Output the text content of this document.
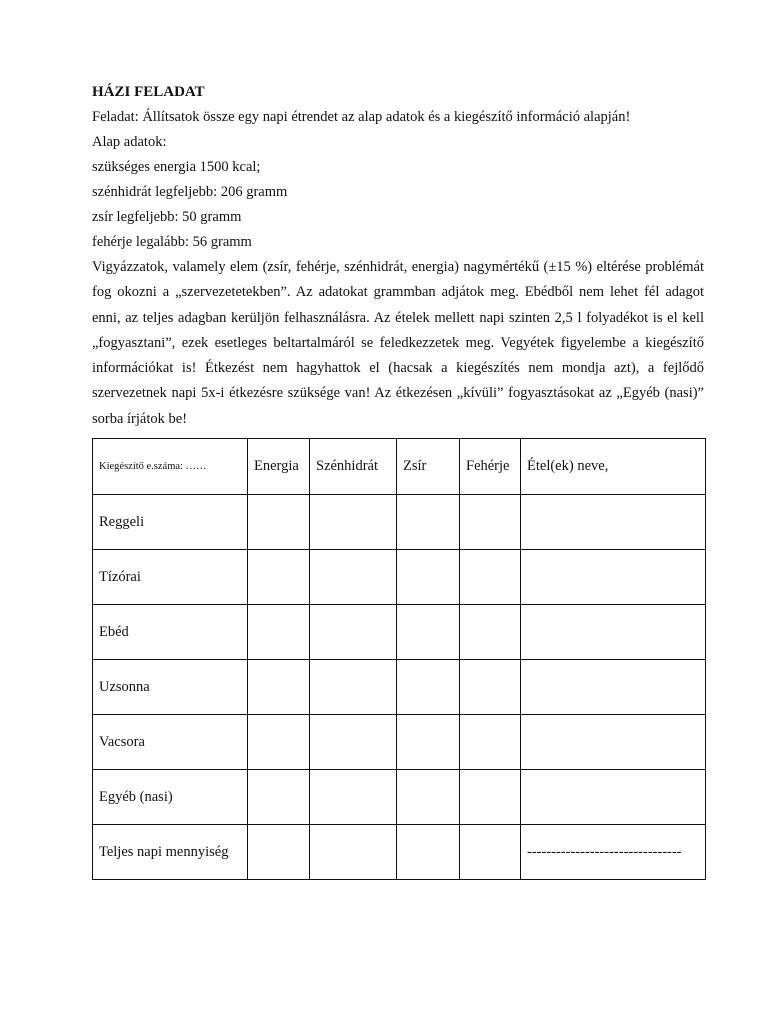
HÁZI FELADAT

Feladat: Állítsatok össze egy napi étrendet az alap adatok és a kiegészítő információ alapján!

Alap adatok:

szükséges energia 1500 kcal;

szénhidrát legfeljebb: 206 gramm

zsír legfeljebb: 50 gramm

fehérje legalább: 56 gramm

Vigyázzatok, valamely elem (zsír, fehérje, szénhidrát, energia) nagymértékű (±15 %) eltérése problémát fog okozni a „szervezetetekben”. Az adatokat grammban adjátok meg. Ebédből nem lehet fél adagot enni, az teljes adagban kerüljön felhasználásra. Az ételek mellett napi szinten 2,5 l folyadékot is el kell „fogyasztani”, ezek esetleges beltartalmáról se feledkezzetek meg. Vegyétek figyelembe a kiegészítő információkat is! Étkezést nem hagyhattok el (hacsak a kiegészítés nem mondja azt), a fejlődő szervezetnek napi 5x-i étkezésre szüksége van! Az étkezésen „kívüli” fogyasztásokat az „Egyéb (nasi)” sorba írjátok be!

Kiegészítő e.száma: ……	Energia	Szénhidrát	Zsír	Fehérje	Étel(ek) neve,
Reggeli					
Tízórai					
Ebéd					
Uzsonna					
Vacsora					
Egyéb (nasi)					
Teljes napi mennyiség					--------------------------------
